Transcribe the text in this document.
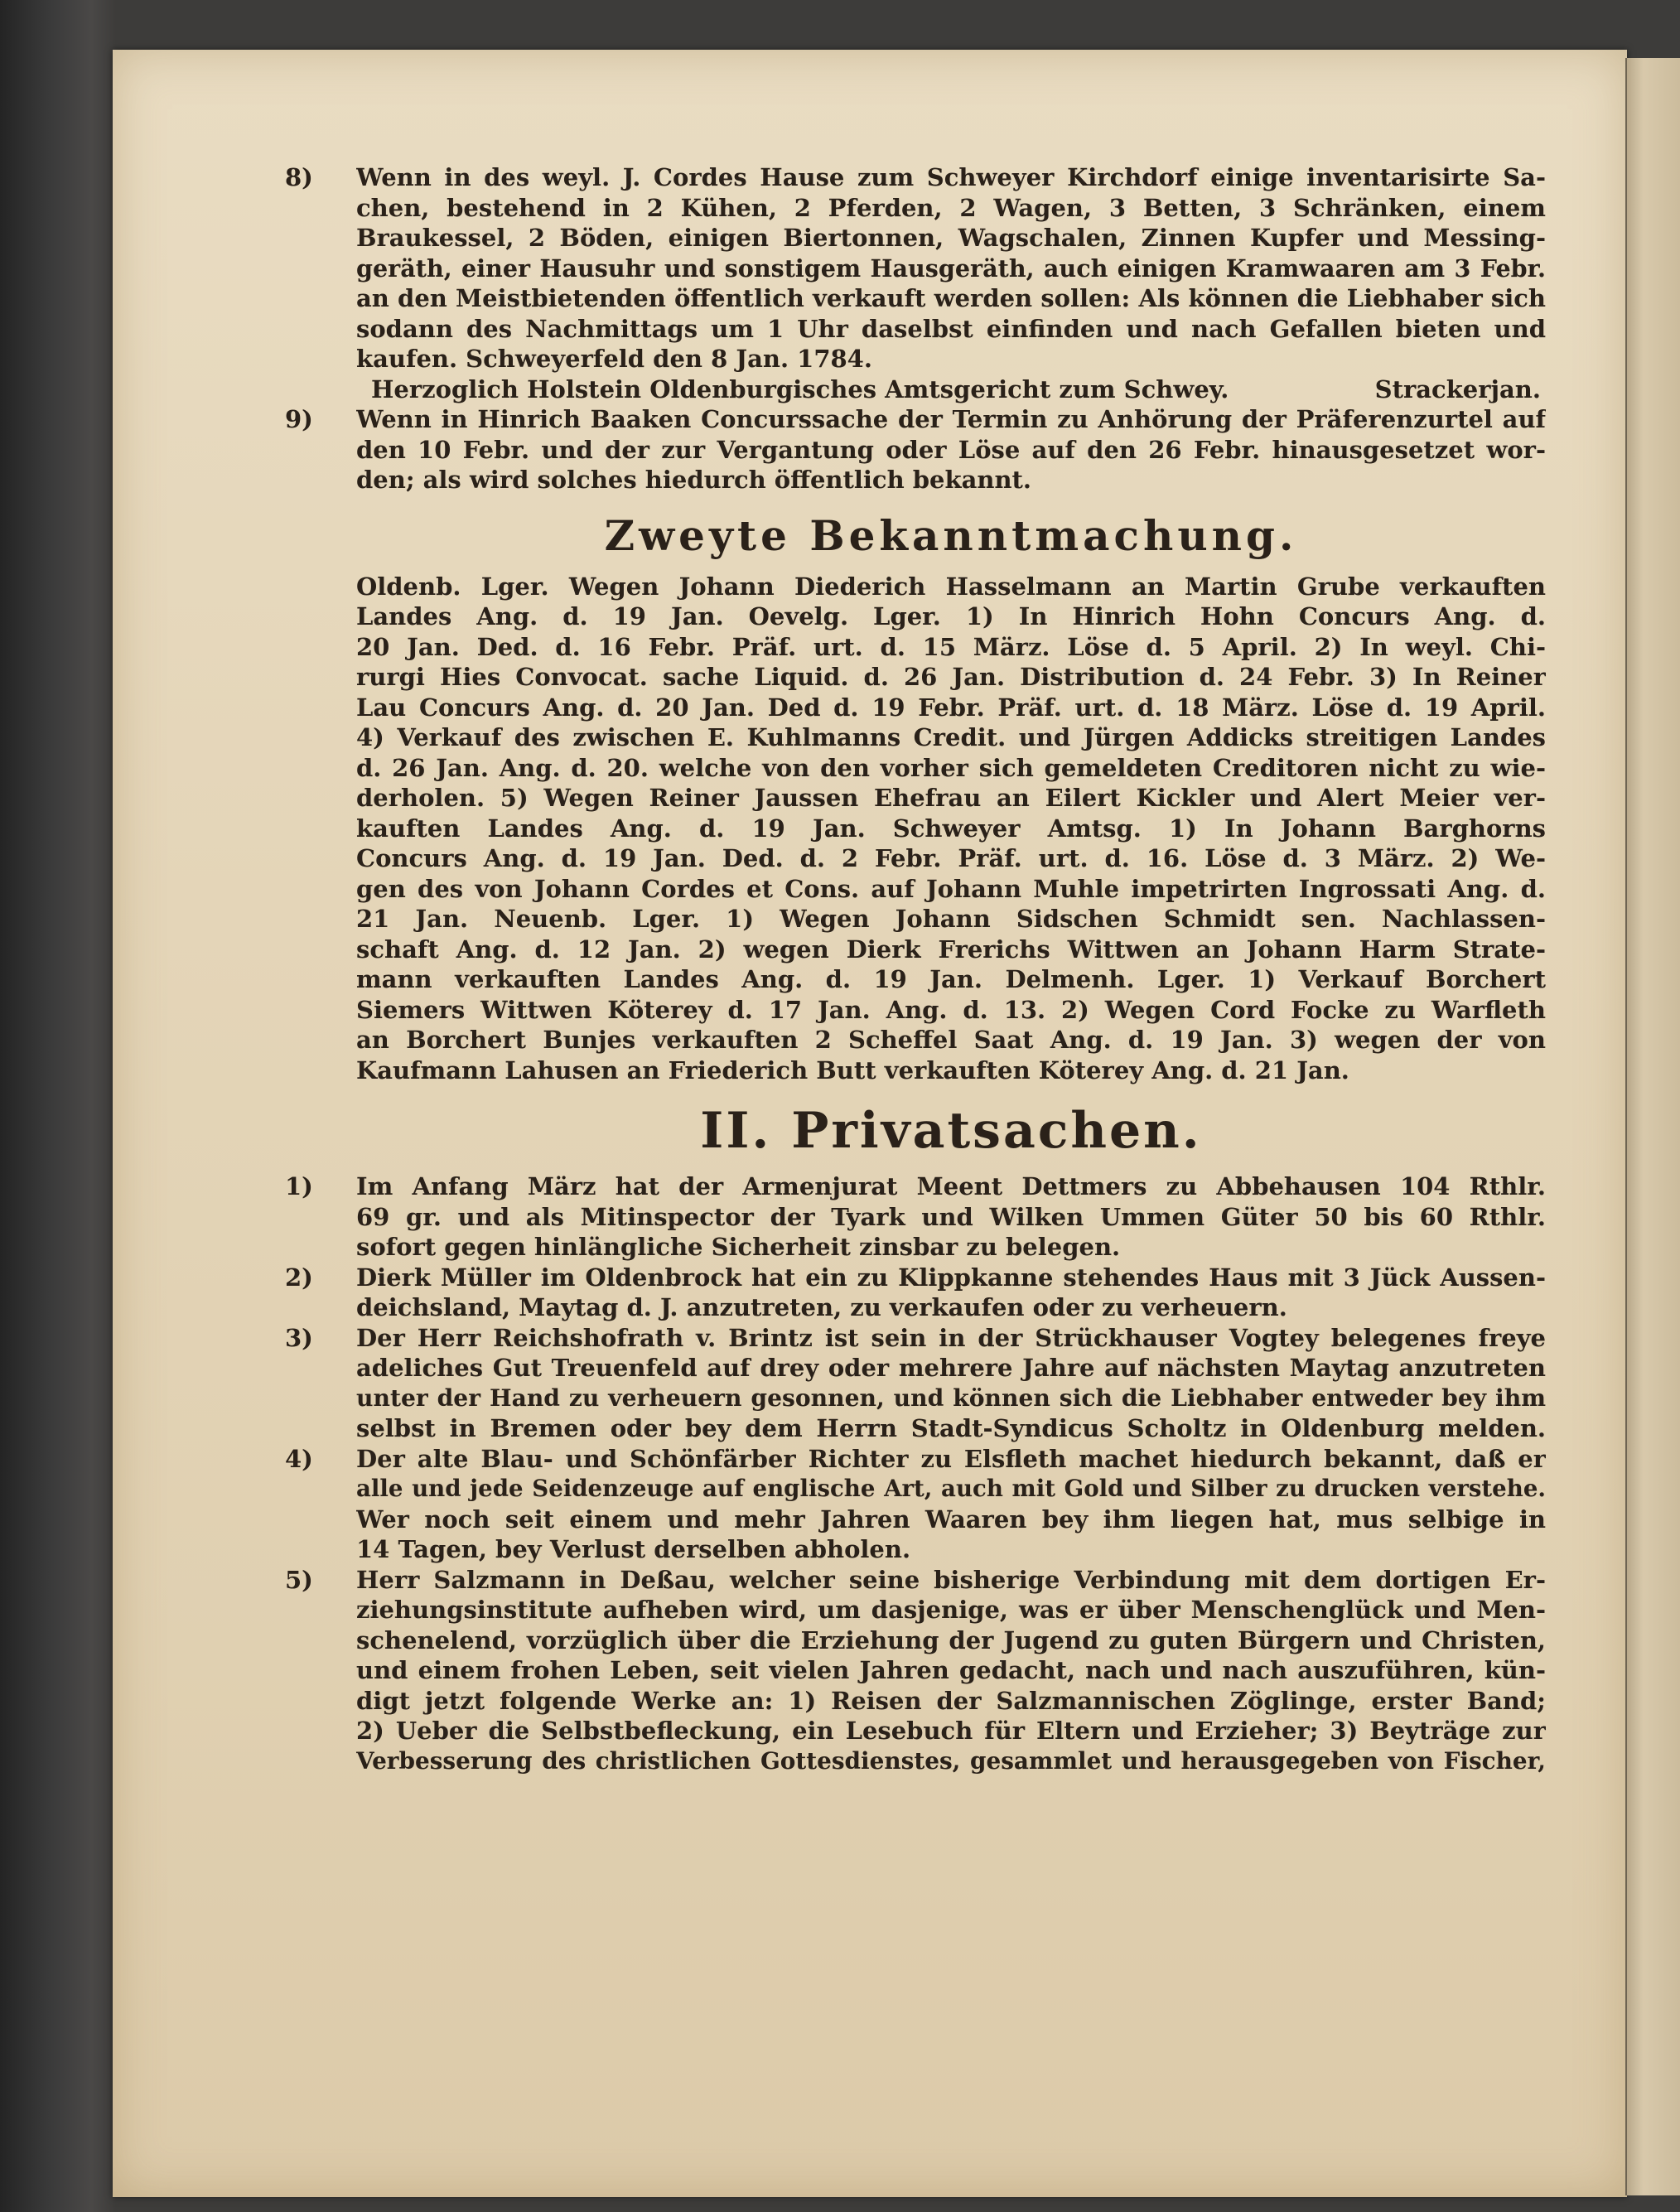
8)	Wenn in des weyl. J. Cordes Hause zum Schweyer Kirchdorf einige inventarisirte Sa-
chen, bestehend in 2 Kühen, 2 Pferden, 2 Wagen, 3 Betten, 3 Schränken, einem
Braukessel, 2 Böden, einigen Biertonnen, Wagschalen, Zinnen Kupfer und Messing-
geräth, einer Hausuhr und sonstigem Hausgeräth, auch einigen Kramwaaren am 3 Febr.
an den Meistbietenden öffentlich verkauft werden sollen: Als können die Liebhaber sich
sodann des Nachmittags um 1 Uhr daselbst einfinden und nach Gefallen bieten und
kaufen. Schweyerfeld den 8 Jan. 1784.
Herzoglich Holstein Oldenburgisches Amtsgericht zum Schwey.	Strackerjan.
9)	Wenn in Hinrich Baaken Concurssache der Termin zu Anhörung der Präferenzurtel auf
den 10 Febr. und der zur Vergantung oder Löse auf den 26 Febr. hinausgesetzet wor-
den; als wird solches hiedurch öffentlich bekannt.
Zweyte Bekanntmachung.
Oldenb. Lger. Wegen Johann Diederich Hasselmann an Martin Grube verkauften
Landes Ang. d. 19 Jan. Oevelg. Lger. 1) In Hinrich Hohn Concurs Ang. d.
20 Jan. Ded. d. 16 Febr. Präf. urt. d. 15 März. Löse d. 5 April. 2) In weyl. Chi-
rurgi Hies Convocat. sache Liquid. d. 26 Jan. Distribution d. 24 Febr. 3) In Reiner
Lau Concurs Ang. d. 20 Jan. Ded d. 19 Febr. Präf. urt. d. 18 März. Löse d. 19 April.
4) Verkauf des zwischen E. Kuhlmanns Credit. und Jürgen Addicks streitigen Landes
d. 26 Jan. Ang. d. 20. welche von den vorher sich gemeldeten Creditoren nicht zu wie-
derholen. 5) Wegen Reiner Jaussen Ehefrau an Eilert Kickler und Alert Meier ver-
kauften Landes Ang. d. 19 Jan. Schweyer Amtsg. 1) In Johann Barghorns
Concurs Ang. d. 19 Jan. Ded. d. 2 Febr. Präf. urt. d. 16. Löse d. 3 März. 2) We-
gen des von Johann Cordes et Cons. auf Johann Muhle impetrirten Ingrossati Ang. d.
21 Jan. Neuenb. Lger. 1) Wegen Johann Sidschen Schmidt sen. Nachlassen-
schaft Ang. d. 12 Jan. 2) wegen Dierk Frerichs Wittwen an Johann Harm Strate-
mann verkauften Landes Ang. d. 19 Jan. Delmenh. Lger. 1) Verkauf Borchert
Siemers Wittwen Köterey d. 17 Jan. Ang. d. 13. 2) Wegen Cord Focke zu Warfleth
an Borchert Bunjes verkauften 2 Scheffel Saat Ang. d. 19 Jan. 3) wegen der von
Kaufmann Lahusen an Friederich Butt verkauften Köterey Ang. d. 21 Jan.
II. Privatsachen.
1)	Im Anfang März hat der Armenjurat Meent Dettmers zu Abbehausen 104 Rthlr.
69 gr. und als Mitinspector der Tyark und Wilken Ummen Güter 50 bis 60 Rthlr.
sofort gegen hinlängliche Sicherheit zinsbar zu belegen.
2)	Dierk Müller im Oldenbrock hat ein zu Klippkanne stehendes Haus mit 3 Jück Aussen-
deichsland, Maytag d. J. anzutreten, zu verkaufen oder zu verheuern.
3)	Der Herr Reichshofrath v. Brintz ist sein in der Strückhauser Vogtey belegenes freye
adeliches Gut Treuenfeld auf drey oder mehrere Jahre auf nächsten Maytag anzutreten
unter der Hand zu verheuern gesonnen, und können sich die Liebhaber entweder bey ihm
selbst in Bremen oder bey dem Herrn Stadt-Syndicus Scholtz in Oldenburg melden.
4)	Der alte Blau- und Schönfärber Richter zu Elsfleth machet hiedurch bekannt, daß er
alle und jede Seidenzeuge auf englische Art, auch mit Gold und Silber zu drucken verstehe.
Wer noch seit einem und mehr Jahren Waaren bey ihm liegen hat, mus selbige in
14 Tagen, bey Verlust derselben abholen.
5)	Herr Salzmann in Deßau, welcher seine bisherige Verbindung mit dem dortigen Er-
ziehungsinstitute aufheben wird, um dasjenige, was er über Menschenglück und Men-
schenelend, vorzüglich über die Erziehung der Jugend zu guten Bürgern und Christen,
und einem frohen Leben, seit vielen Jahren gedacht, nach und nach auszuführen, kün-
digt jetzt folgende Werke an: 1) Reisen der Salzmannischen Zöglinge, erster Band;
2) Ueber die Selbstbefleckung, ein Lesebuch für Eltern und Erzieher; 3) Beyträge zur
Verbesserung des christlichen Gottesdienstes, gesammlet und herausgegeben von Fischer,
